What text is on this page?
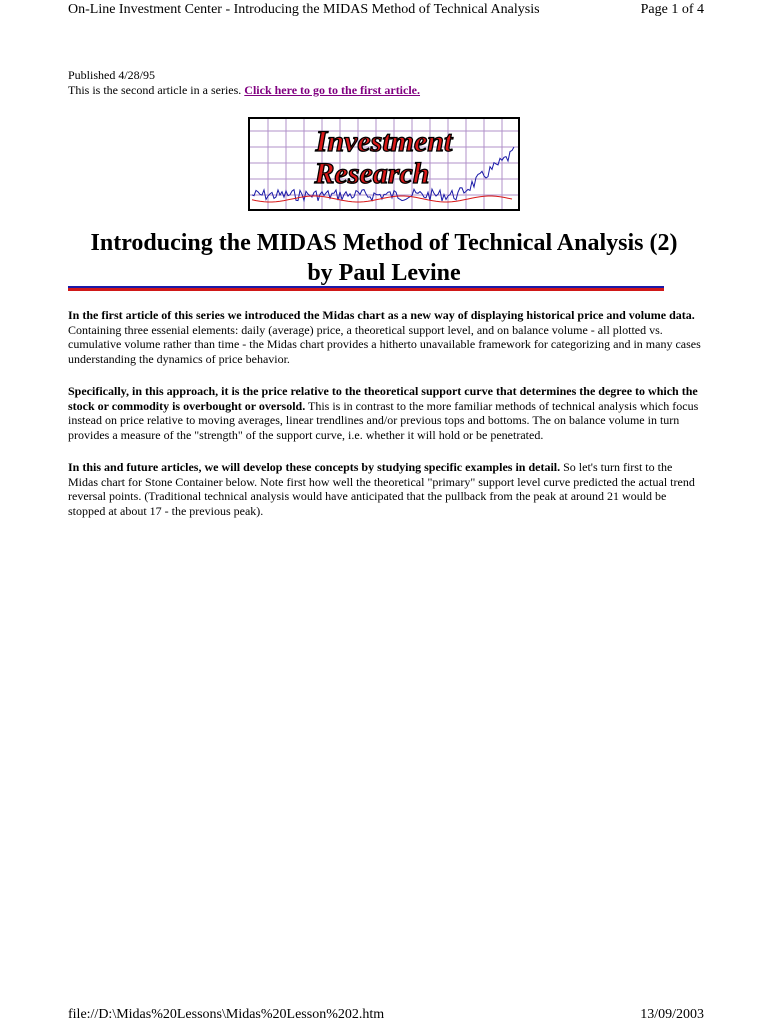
On-Line Investment Center - Introducing the MIDAS Method of Technical Analysis	Page 1 of 4
Published 4/28/95
This is the second article in a series. Click here to go to the first article.
Investment
Research
Introducing the MIDAS Method of Technical Analysis (2)
by Paul Levine

In the first article of this series we introduced the Midas chart as a new way of displaying historical price and volume data. Containing three essenial elements: daily (average) price, a theoretical support level, and on balance volume - all plotted vs. cumulative volume rather than time - the Midas chart provides a hitherto unavailable framework for categorizing and in many cases understanding the dynamics of price behavior.

Specifically, in this approach, it is the price relative to the theoretical support curve that determines the degree to which the stock or commodity is overbought or oversold. This is in contrast to the more familiar methods of technical analysis which focus instead on price relative to moving averages, linear trendlines and/or previous tops and bottoms. The on balance volume in turn provides a measure of the "strength" of the support curve, i.e. whether it will hold or be penetrated.

In this and future articles, we will develop these concepts by studying specific examples in detail. So let's turn first to the Midas chart for Stone Container below. Note first how well the theoretical "primary" support level curve predicted the actual trend reversal points. (Traditional technical analysis would have anticipated that the pullback from the peak at around 21 would be stopped at about 17 - the previous peak).

file://D:\Midas%20Lessons\Midas%20Lesson%202.htm	13/09/2003
